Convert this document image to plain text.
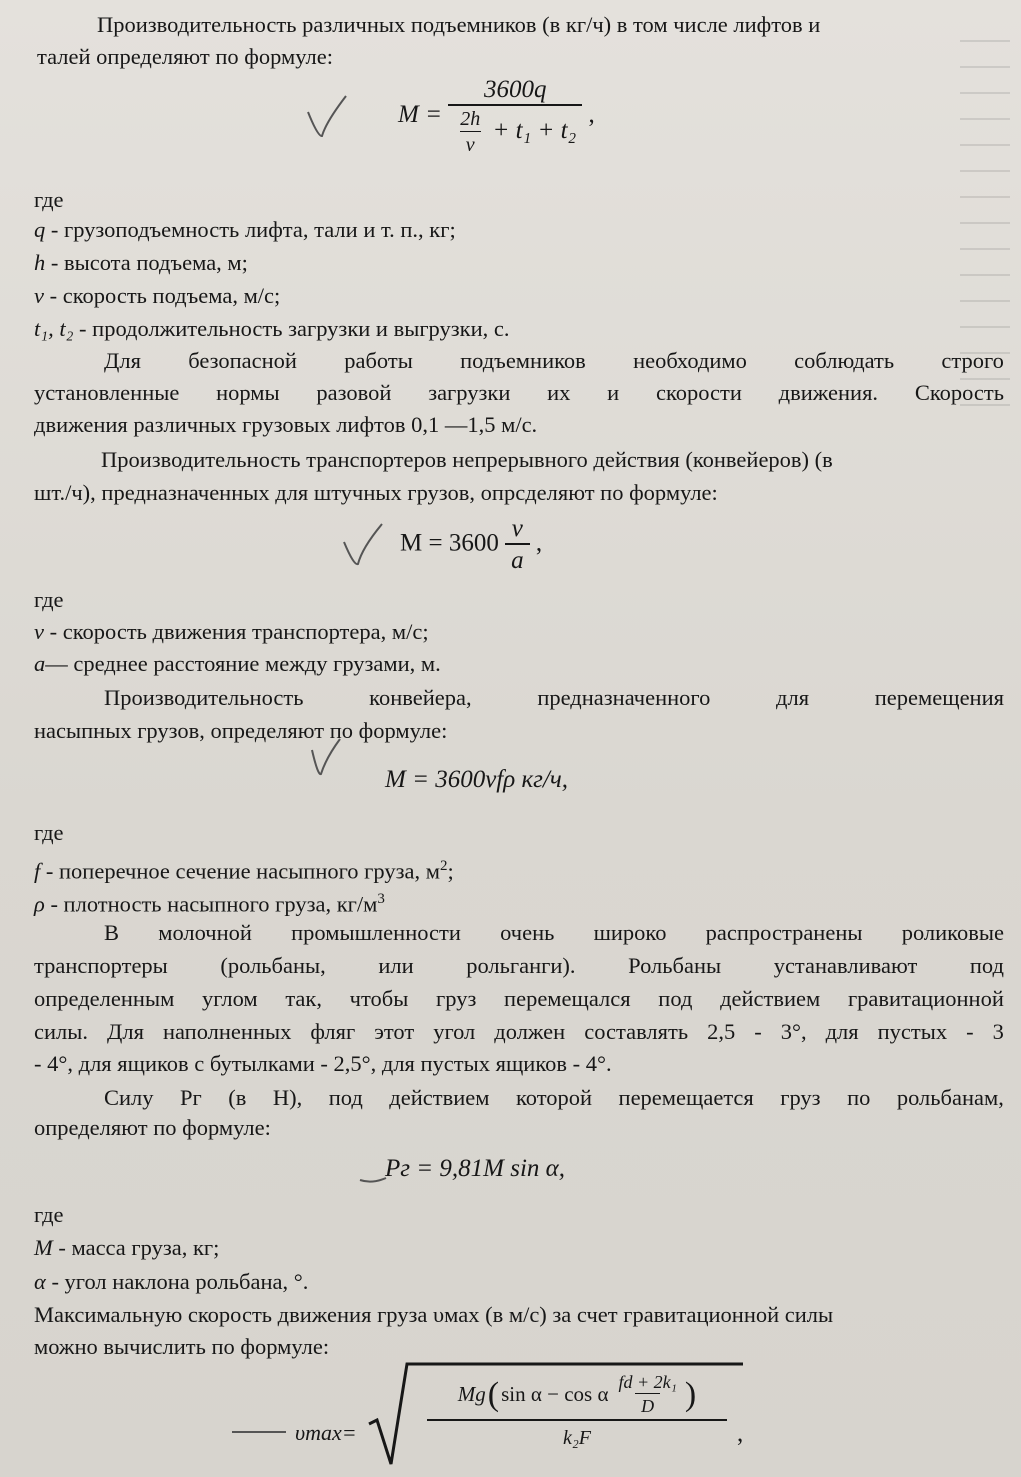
Производительность различных подъемников (в кг/ч) в том числе лифтов и
талей определяют по формуле:
$M = \frac{3600q}{\frac{2h}{v} + t_1 + t_2}$ ,
где
q - грузоподъемность лифта, тали и т. п., кг;
h - высота подъема, м;
v - скорость подъема, м/с;
t₁, t₂ - продолжительность загрузки и выгрузки, с.
Для безопасной работы подъемников необходимо соблюдать строго
установленные нормы разовой загрузки их и скорости движения. Скорость
движения различных грузовых лифтов 0,1 —1,5 м/с.
Производительность транспортеров непрерывного действия (конвейеров) (в
шт./ч), предназначенных для штучных грузов, опрсделяют по формуле:
$M = 3600 \frac{v}{a}$ ,
где
v - скорость движения транспортера, м/с;
a— среднее расстояние между грузами, м.
Производительность	конвейера,	предназначенного	для	перемещения
насыпных грузов, определяют по формуле:
M = 3600vfρ кг/ч,
где
f - поперечное сечение насыпного груза, $м^2$;
ρ - плотность насыпного груза, $кг/м^3$
В молочной промышленности очень широко распространены роликовые
транспортеры (рольбаны, или рольганги). Рольбаны устанавливают под
определенным углом так, чтобы груз перемещался под действием гравитационной
силы. Для наполненных фляг этот угол должен составлять 2,5 - 3°, для пустых - 3
- 4°, для ящиков с бутылками - 2,5°, для пустых ящиков - 4°.
Силу Pг (в Н), под действием которой перемещается груз по рольбанам,
определяют по формуле:
Pг = 9,81M sin α,
где
M - масса груза, кг;
α - угол наклона рольбана, °.
Максимальную скорость движения груза υмах (в м/с) за счет гравитационной силы
можно вычислить по формуле:
υmax=
Mg ( sin α − cos α $\frac{\text{fd + 2k₁}}{D}$ )
k₂F	,
